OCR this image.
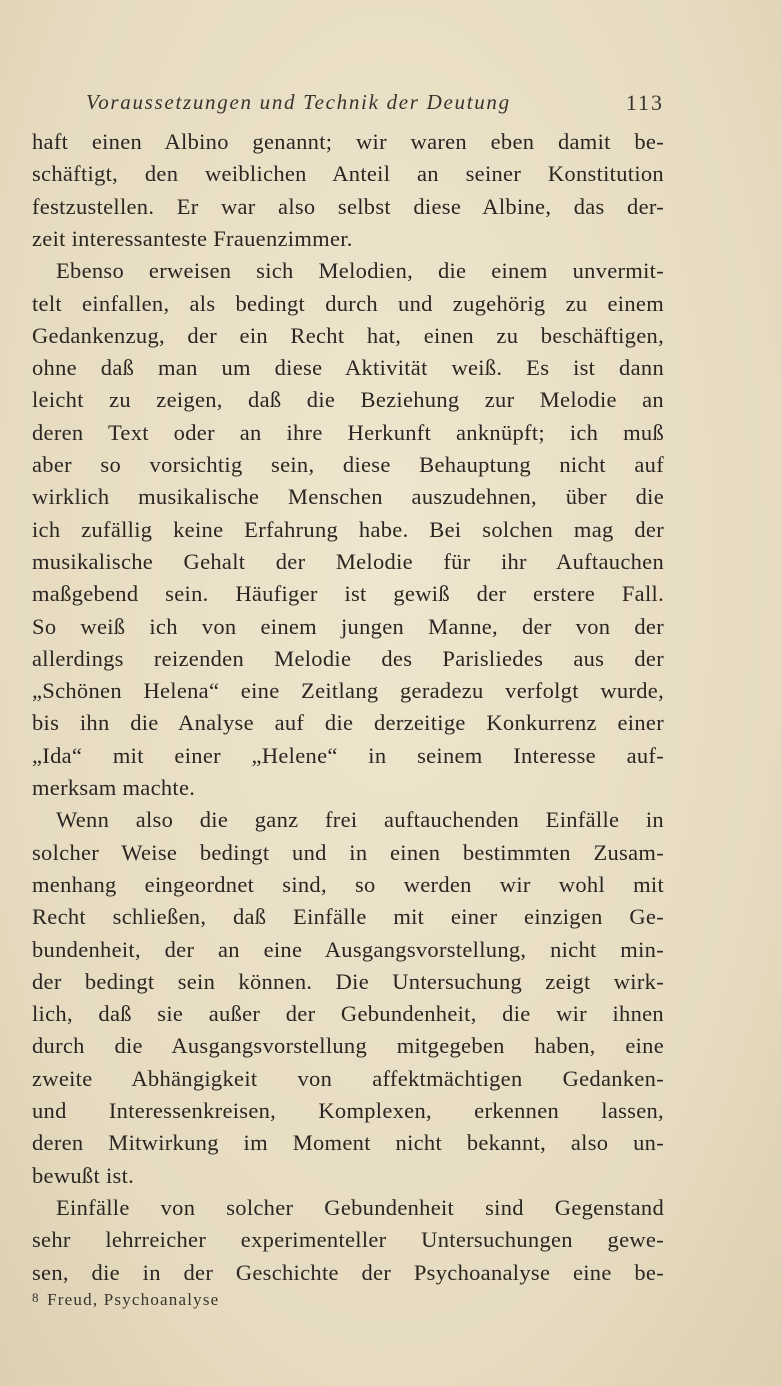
Voraussetzungen und Technik der Deutung	113
haft einen Albino genannt; wir waren eben damit be-
schäftigt, den weiblichen Anteil an seiner Konstitution
festzustellen. Er war also selbst diese Albine, das der-
zeit interessanteste Frauenzimmer.
Ebenso erweisen sich Melodien, die einem unvermit-
telt einfallen, als bedingt durch und zugehörig zu einem
Gedankenzug, der ein Recht hat, einen zu beschäftigen,
ohne daß man um diese Aktivität weiß. Es ist dann
leicht zu zeigen, daß die Beziehung zur Melodie an
deren Text oder an ihre Herkunft anknüpft; ich muß
aber so vorsichtig sein, diese Behauptung nicht auf
wirklich musikalische Menschen auszudehnen, über die
ich zufällig keine Erfahrung habe. Bei solchen mag der
musikalische Gehalt der Melodie für ihr Auftauchen
maßgebend sein. Häufiger ist gewiß der erstere Fall.
So weiß ich von einem jungen Manne, der von der
allerdings reizenden Melodie des Parisliedes aus der
„Schönen Helena“ eine Zeitlang geradezu verfolgt wurde,
bis ihn die Analyse auf die derzeitige Konkurrenz einer
„Ida“ mit einer „Helene“ in seinem Interesse auf-
merksam machte.
Wenn also die ganz frei auftauchenden Einfälle in
solcher Weise bedingt und in einen bestimmten Zusam-
menhang eingeordnet sind, so werden wir wohl mit
Recht schließen, daß Einfälle mit einer einzigen Ge-
bundenheit, der an eine Ausgangsvorstellung, nicht min-
der bedingt sein können. Die Untersuchung zeigt wirk-
lich, daß sie außer der Gebundenheit, die wir ihnen
durch die Ausgangsvorstellung mitgegeben haben, eine
zweite Abhängigkeit von affektmächtigen Gedanken-
und Interessenkreisen, Komplexen, erkennen lassen,
deren Mitwirkung im Moment nicht bekannt, also un-
bewußt ist.
Einfälle von solcher Gebundenheit sind Gegenstand
sehr lehrreicher experimenteller Untersuchungen gewe-
sen, die in der Geschichte der Psychoanalyse eine be-
$^8$ Freud, Psychoanalyse
